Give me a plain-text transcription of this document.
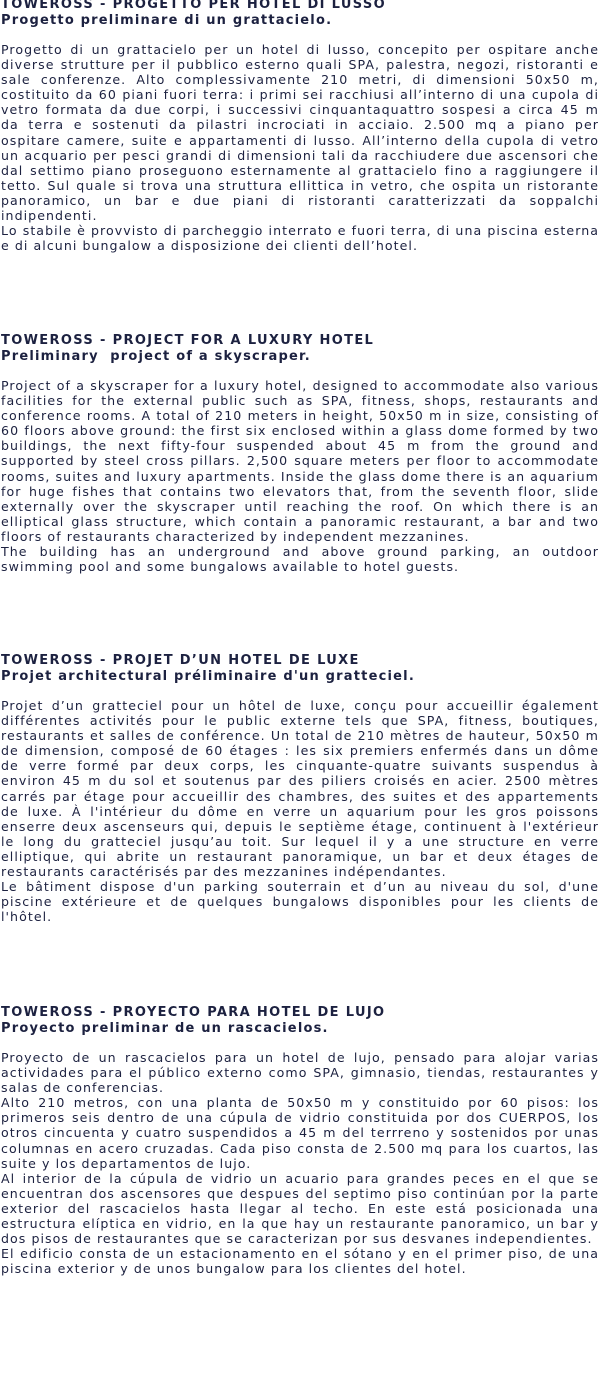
TOWEROSS - PROGETTO PER HOTEL DI LUSSO
Progetto preliminare di un grattacielo.

Progetto di un grattacielo per un hotel di lusso, concepito per ospitare anche diverse strutture per il pubblico esterno quali SPA, palestra, negozi, ristoranti e sale conferenze. Alto complessivamente 210 metri, di dimensioni 50x50 m, costituito da 60 piani fuori terra: i primi sei racchiusi all’interno di una cupola di vetro formata da due corpi, i successivi cinquantaquattro sospesi a circa 45 m da terra e sostenuti da pilastri incrociati in acciaio. 2.500 mq a piano per ospitare camere, suite e appartamenti di lusso. All’interno della cupola di vetro un acquario per pesci grandi di dimensioni tali da racchiudere due ascensori che dal settimo piano proseguono esternamente al grattacielo fino a raggiungere il tetto. Sul quale si trova una struttura ellittica in vetro, che ospita un ristorante panoramico, un bar e due piani di ristoranti caratterizzati da soppalchi indipendenti.

Lo stabile è provvisto di parcheggio interrato e fuori terra, di una piscina esterna e di alcuni bungalow a disposizione dei clienti dell’hotel.

TOWEROSS - PROJECT FOR A LUXURY HOTEL
Preliminary  project of a skyscraper.

Project of a skyscraper for a luxury hotel, designed to accommodate also various facilities for the external public such as SPA, fitness, shops, restaurants and conference rooms. A total of 210 meters in height, 50x50 m in size, consisting of 60 floors above ground: the first six enclosed within a glass dome formed by two buildings, the next fifty-four suspended about 45 m from the ground and supported by steel cross pillars. 2,500 square meters per floor to accommodate rooms, suites and luxury apartments. Inside the glass dome there is an aquarium for huge fishes that contains two elevators that, from the seventh floor, slide externally over the skyscraper until reaching the roof. On which there is an elliptical glass structure, which contain a panoramic restaurant, a bar and two floors of restaurants characterized by independent mezzanines.

The building has an underground and above ground parking, an outdoor swimming pool and some bungalows available to hotel guests.

TOWEROSS - PROJET D’UN HOTEL DE LUXE
Projet architectural préliminaire d'un gratteciel.

Projet d’un gratteciel pour un hôtel de luxe, conçu pour accueillir également différentes activités pour le public externe tels que SPA, fitness, boutiques, restaurants et salles de conférence. Un total de 210 mètres de hauteur, 50x50 m de dimension, composé de 60 étages : les six premiers enfermés dans un dôme de verre formé par deux corps, les cinquante-quatre suivants suspendus à environ 45 m du sol et soutenus par des piliers croisés en acier. 2500 mètres carrés par étage pour accueillir des chambres, des suites et des appartements de luxe. À l'intérieur du dôme en verre un aquarium pour les gros poissons enserre deux ascenseurs qui, depuis le septième étage, continuent à l'extérieur le long du gratteciel jusqu’au toit. Sur lequel il y a une structure en verre elliptique, qui abrite un restaurant panoramique, un bar et deux étages de restaurants caractérisés par des mezzanines indépendantes.

Le bâtiment dispose d'un parking souterrain et d’un au niveau du sol, d'une piscine extérieure et de quelques bungalows disponibles pour les clients de l'hôtel.

TOWEROSS - PROYECTO PARA HOTEL DE LUJO
Proyecto preliminar de un rascacielos.

Proyecto de un rascacielos para un hotel de lujo, pensado para alojar varias actividades para el público externo como SPA, gimnasio, tiendas, restaurantes y salas de conferencias.

Alto 210 metros, con una planta de 50x50 m y constituido por 60 pisos: los primeros seis dentro de una cúpula de vidrio constituida por dos CUERPOS, los otros cincuenta y cuatro suspendidos a 45 m del terrreno y sostenidos por unas columnas en acero cruzadas. Cada piso consta de 2.500 mq para los cuartos, las suite y los departamentos de lujo.

Al interior de la cúpula de vidrio un acuario para grandes peces en el que se encuentran dos ascensores que despues del septimo piso continúan por la parte exterior del rascacielos hasta llegar al techo. En este está posicionada una estructura elíptica en vidrio, en la que hay un restaurante panoramico, un bar y dos pisos de restaurantes que se caracterizan por sus desvanes independientes.

El edificio consta de un estacionamento en el sótano y en el primer piso, de una piscina exterior y de unos bungalow para los clientes del hotel.
